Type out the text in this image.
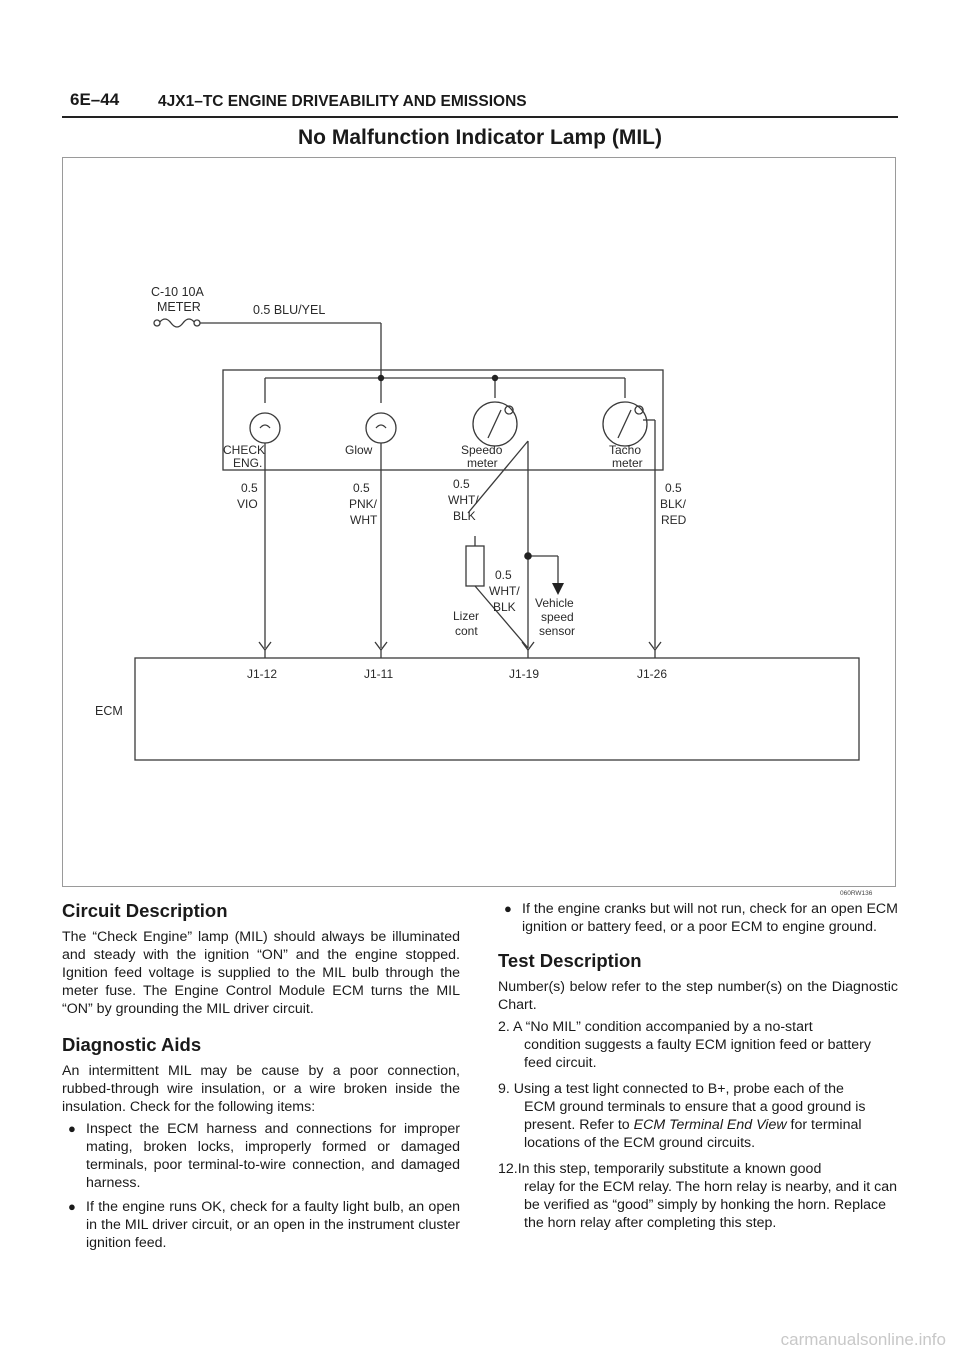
6E–44	4JX1–TC ENGINE DRIVEABILITY AND EMISSIONS
No Malfunction Indicator Lamp (MIL)
C-10 10A
METER	0.5 BLU/YEL
CHECK
ENG.
Glow	Speedo
meter
Tacho
meter
0.5
VIO
0.5
PNK/
WHT
0.5
WHT/
BLK
0.5
WHT/
BLK
0.5
BLK/
RED
Lizer
cont
Vehicle
speed
sensor
J1-12	J1-11	J1-19	J1-26
ECM
060RW136
Circuit Description

The “Check Engine” lamp (MIL) should always be illuminated and steady with the ignition “ON” and the engine stopped. Ignition feed voltage is supplied to the MIL bulb through the meter fuse. The Engine Control Module ECM turns the MIL “ON” by grounding the MIL driver circuit.

Diagnostic Aids

An intermittent MIL may be cause by a poor connection, rubbed-through wire insulation, or a wire broken inside the insulation. Check for the following items:

● Inspect the ECM harness and connections for improper mating, broken locks, improperly formed or damaged terminals, poor terminal-to-wire connection, and damaged harness.
● If the engine runs OK, check for a faulty light bulb, an open in the MIL driver circuit, or an open in the instrument cluster ignition feed.
● If the engine cranks but will not run, check for an open ECM ignition or battery feed, or a poor ECM to engine ground.
Test Description

Number(s) below refer to the step number(s) on the Diagnostic Chart.

2. A “No MIL” condition accompanied by a no-start
condition suggests a faulty ECM ignition feed or battery feed circuit.
9. Using a test light connected to B+, probe each of the
ECM ground terminals to ensure that a good ground is present. Refer to ECM Terminal End View for terminal locations of the ECM ground circuits.
12.In this step, temporarily substitute a known good
relay for the ECM relay. The horn relay is nearby, and it can be verified as “good” simply by honking the horn. Replace the horn relay after completing this step.
carmanualsonline.info
